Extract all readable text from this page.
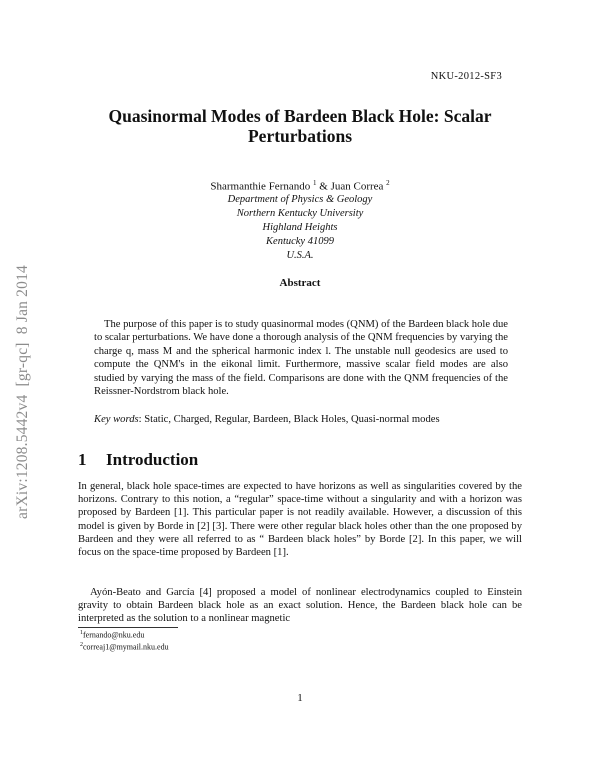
NKU-2012-SF3
Quasinormal Modes of Bardeen Black Hole: Scalar
Perturbations
Sharmanthie Fernando $^1$ & Juan Correa $^2$
Department of Physics & Geology
Northern Kentucky University
Highland Heights
Kentucky 41099
U.S.A.
Abstract

The purpose of this paper is to study quasinormal modes (QNM) of the Bardeen black hole due to scalar perturbations. We have done a thorough analysis of the QNM frequencies by varying the charge q, mass M and the spherical harmonic index l. The unstable null geodesics are used to compute the QNM's in the eikonal limit. Furthermore, massive scalar field modes are also studied by varying the mass of the field. Comparisons are done with the QNM frequencies of the Reissner-Nordstrom black hole.

Key words: Static, Charged, Regular, Bardeen, Black Holes, Quasi-normal modes

1 Introduction

In general, black hole space-times are expected to have horizons as well as singularities covered by the horizons. Contrary to this notion, a “regular” space-time without a singularity and with a horizon was proposed by Bardeen [1]. This particular paper is not readily available. However, a discussion of this model is given by Borde in [2] [3]. There were other regular black holes other than the one proposed by Bardeen and they were all referred to as “ Bardeen black holes” by Borde [2]. In this paper, we will focus on the space-time proposed by Bardeen [1].

Ayón-Beato and García [4] proposed a model of nonlinear electrodynamics coupled to Einstein gravity to obtain Bardeen black hole as an exact solution. Hence, the Bardeen black hole can be interpreted as the solution to a nonlinear magnetic

$^1$fernando@nku.edu
$^2$correaj1@mymail.nku.edu
1
arXiv:1208.5442v4  [gr-qc]  8 Jan 2014
